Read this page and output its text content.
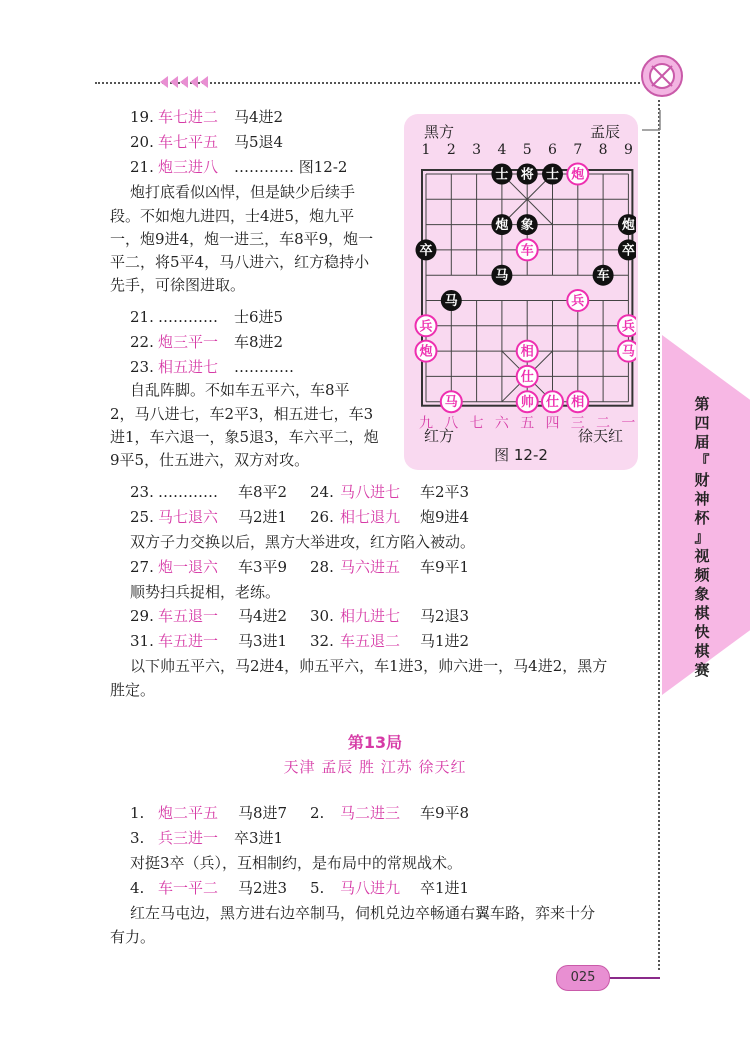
第
四
届
『
财
神
杯
』
视
频
象
棋
快
棋
赛
黑方	孟辰
1 2 3 4 5 6 7 8 9
士 将 士 炮
炮 象	炮
卒	车	卒
马	车
马	兵
兵	兵
炮	相	马
仕
马	帅 仕 相
九 八 七 六 五 四 三 二 一
红方	徐天红
图 12-2
19.车七进二 马4进2
20.车七平五 马5退4
21.炮三进八 ………… 图12-2
炮打底看似凶悍，但是缺少后续手
段。不如炮九进四，士4进5，炮九平
一，炮9进4，炮一进三，车8平9，炮一
平二，将5平4，马八进六，红方稳持小
先手，可徐图进取。
21.………… 士6进5
22.炮三平一 车8进2
23.相五进七 …………
自乱阵脚。不如车五平六，车8平
2，马八进七，车2平3，相五进七，车3
进1，车六退一，象5退3，车六平二，炮
9平5，仕五进六，双方对攻。
23.………… 车8平2 24.马八进七 车2平3
25.马七退六 马2进1 26.相七退九 炮9进4
双方子力交换以后，黑方大举进攻，红方陷入被动。
27.炮一退六 车3平9 28.马六进五 车9平1
顺势扫兵捉相，老练。
29.车五退一 马4进2 30.相九进七 马2退3
31.车五进一 马3进1 32.车五退二 马1进2
以下帅五平六，马2进4，帅五平六，车1进3，帅六进一，马4进2，黑方
胜定。
第13局
天津 孟辰 胜 江苏 徐天红
1.炮二平五 马8进7 2.马二进三 车9平8
3.兵三进一 卒3进1
对挺3卒（兵），互相制约，是布局中的常规战术。
4.车一平二 马2进3 5.马八进九 卒1进1
红左马屯边，黑方进右边卒制马，伺机兑边卒畅通右翼车路，弈来十分
有力。
025
